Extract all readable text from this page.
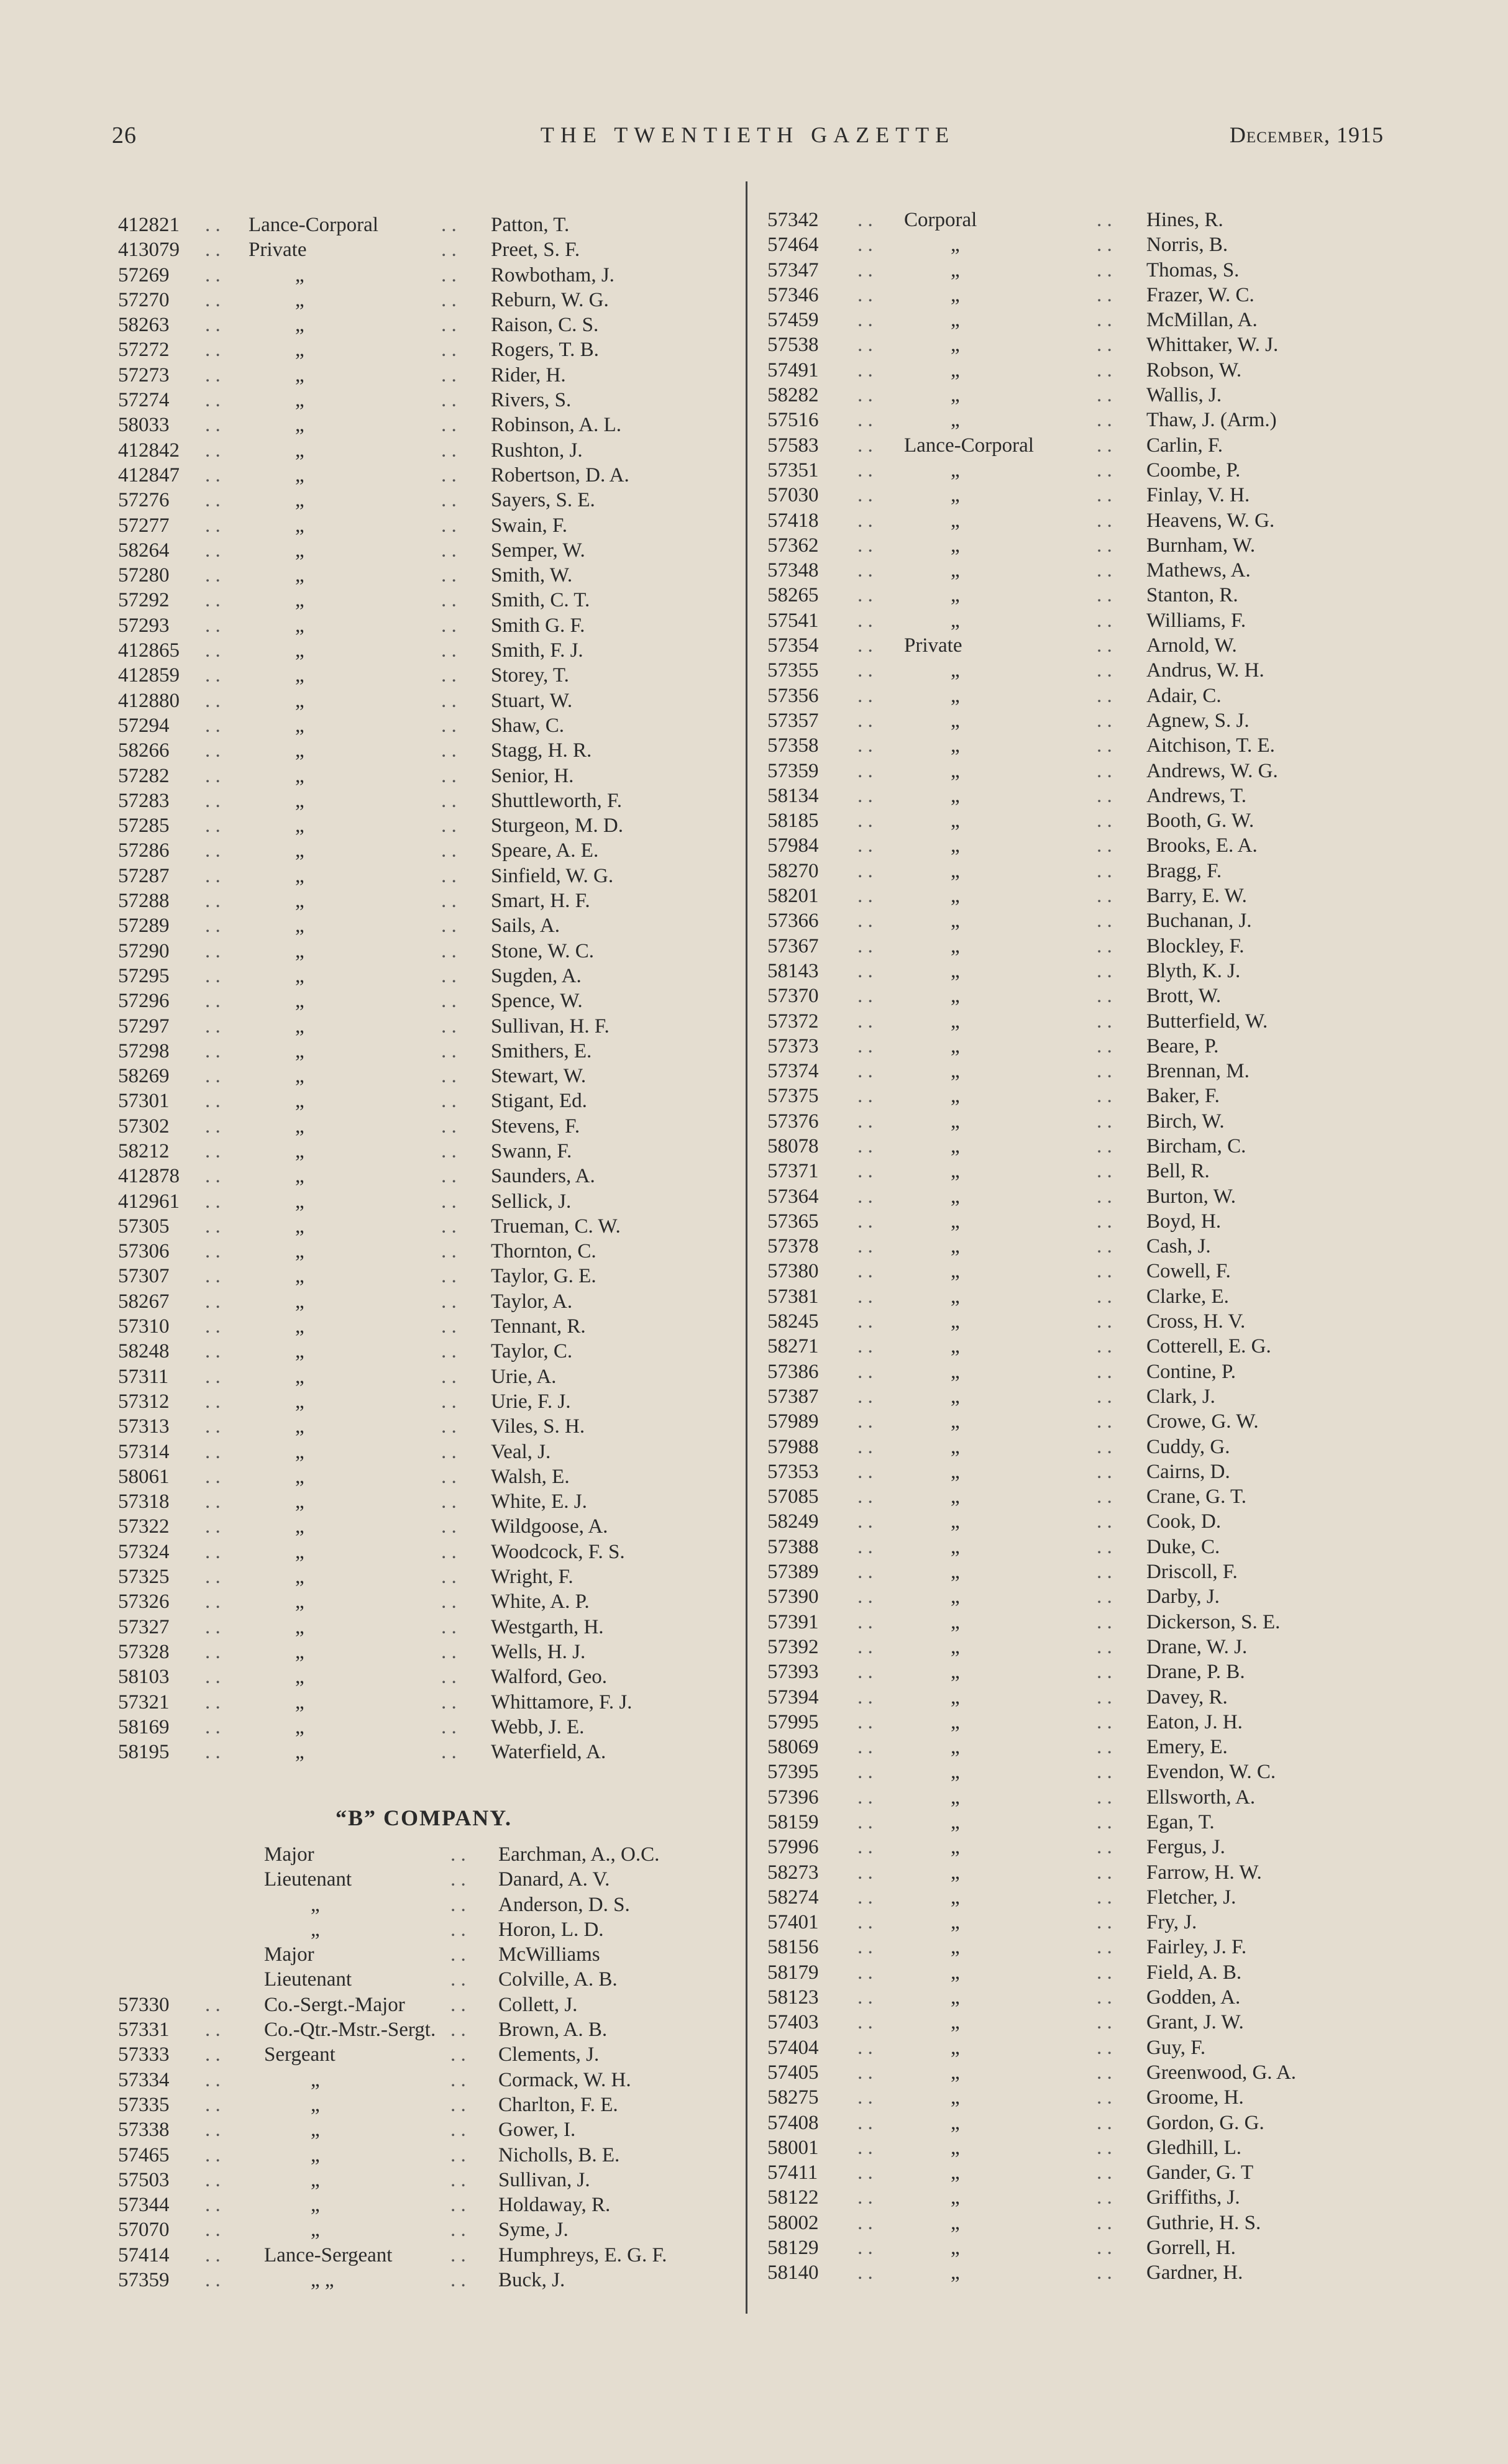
26	THE TWENTIETH GAZETTE	December, 1915
412821 . . Lance-Corporal	. . Patton, T.
413079 . . Private	. . Preet, S. F.
57269 . .	„	. . Rowbotham, J.
57270 . .	„	. . Reburn, W. G.
58263 . .	„	. . Raison, C. S.
57272 . .	„	. . Rogers, T. B.
57273 . .	„	. . Rider, H.
57274 . .	„	. . Rivers, S.
58033 . .	„	. . Robinson, A. L.
412842 . .	„	. . Rushton, J.
412847 . .	„	. . Robertson, D. A.
57276 . .	„	. . Sayers, S. E.
57277 . .	„	. . Swain, F.
58264 . .	„	. . Semper, W.
57280 . .	„	. . Smith, W.
57292 . .	„	. . Smith, C. T.
57293 . .	„	. . Smith G. F.
412865 . .	„	. . Smith, F. J.
412859 . .	„	. . Storey, T.
412880 . .	„	. . Stuart, W.
57294 . .	„	. . Shaw, C.
58266 . .	„	. . Stagg, H. R.
57282 . .	„	. . Senior, H.
57283 . .	„	. . Shuttleworth, F.
57285 . .	„	. . Sturgeon, M. D.
57286 . .	„	. . Speare, A. E.
57287 . .	„	. . Sinfield, W. G.
57288 . .	„	. . Smart, H. F.
57289 . .	„	. . Sails, A.
57290 . .	„	. . Stone, W. C.
57295 . .	„	. . Sugden, A.
57296 . .	„	. . Spence, W.
57297 . .	„	. . Sullivan, H. F.
57298 . .	„	. . Smithers, E.
58269 . .	„	. . Stewart, W.
57301 . .	„	. . Stigant, Ed.
57302 . .	„	. . Stevens, F.
58212 . .	„	. . Swann, F.
412878 . .	„	. . Saunders, A.
412961 . .	„	. . Sellick, J.
57305 . .	„	. . Trueman, C. W.
57306 . .	„	. . Thornton, C.
57307 . .	„	. . Taylor, G. E.
58267 . .	„	. . Taylor, A.
57310 . .	„	. . Tennant, R.
58248 . .	„	. . Taylor, C.
57311 . .	„	. . Urie, A.
57312 . .	„	. . Urie, F. J.
57313 . .	„	. . Viles, S. H.
57314 . .	„	. . Veal, J.
58061 . .	„	. . Walsh, E.
57318 . .	„	. . White, E. J.
57322 . .	„	. . Wildgoose, A.
57324 . .	„	. . Woodcock, F. S.
57325 . .	„	. . Wright, F.
57326 . .	„	. . White, A. P.
57327 . .	„	. . Westgarth, H.
57328 . .	„	. . Wells, H. J.
58103 . .	„	. . Walford, Geo.
57321 . .	„	. . Whittamore, F. J.
58169 . .	„	. . Webb, J. E.
58195 . .	„	. . Waterfield, A.
“B” COMPANY.
Major	. . Earchman, A., O.C.
Lieutenant	. . Danard, A. V.
„	. . Anderson, D. S.
„	. . Horon, L. D.
Major	. . McWilliams
Lieutenant	. . Colville, A. B.
57330 . . Co.-Sergt.-Major . . Collett, J.
57331 . . Co.-Qtr.-Mstr.-Sergt. . . Brown, A. B.
57333 . . Sergeant	. . Clements, J.
57334 . .	„	. . Cormack, W. H.
57335 . .	„	. . Charlton, F. E.
57338 . .	„	. . Gower, I.
57465 . .	„	. . Nicholls, B. E.
57503 . .	„	. . Sullivan, J.
57344 . .	„	. . Holdaway, R.
57070 . .	„	. . Syme, J.
57414 . . Lance-Sergeant	. . Humphreys, E. G. F.
57359 . .	„ „	. . Buck, J.
57342 . . Corporal	. . Hines, R.
57464 . .	„	. . Norris, B.
57347 . .	„	. . Thomas, S.
57346 . .	„	. . Frazer, W. C.
57459 . .	„	. . McMillan, A.
57538 . .	„	. . Whittaker, W. J.
57491 . .	„	. . Robson, W.
58282 . .	„	. . Wallis, J.
57516 . .	„	. . Thaw, J. (Arm.)
57583 . . Lance-Corporal	. . Carlin, F.
57351 . .	„	. . Coombe, P.
57030 . .	„	. . Finlay, V. H.
57418 . .	„	. . Heavens, W. G.
57362 . .	„	. . Burnham, W.
57348 . .	„	. . Mathews, A.
58265 . .	„	. . Stanton, R.
57541 . .	„	. . Williams, F.
57354 . . Private	. . Arnold, W.
57355 . .	„	. . Andrus, W. H.
57356 . .	„	. . Adair, C.
57357 . .	„	. . Agnew, S. J.
57358 . .	„	. . Aitchison, T. E.
57359 . .	„	. . Andrews, W. G.
58134 . .	„	. . Andrews, T.
58185 . .	„	. . Booth, G. W.
57984 . .	„	. . Brooks, E. A.
58270 . .	„	. . Bragg, F.
58201 . .	„	. . Barry, E. W.
57366 . .	„	. . Buchanan, J.
57367 . .	„	. . Blockley, F.
58143 . .	„	. . Blyth, K. J.
57370 . .	„	. . Brott, W.
57372 . .	„	. . Butterfield, W.
57373 . .	„	. . Beare, P.
57374 . .	„	. . Brennan, M.
57375 . .	„	. . Baker, F.
57376 . .	„	. . Birch, W.
58078 . .	„	. . Bircham, C.
57371 . .	„	. . Bell, R.
57364 . .	„	. . Burton, W.
57365 . .	„	. . Boyd, H.
57378 . .	„	. . Cash, J.
57380 . .	„	. . Cowell, F.
57381 . .	„	. . Clarke, E.
58245 . .	„	. . Cross, H. V.
58271 . .	„	. . Cotterell, E. G.
57386 . .	„	. . Contine, P.
57387 . .	„	. . Clark, J.
57989 . .	„	. . Crowe, G. W.
57988 . .	„	. . Cuddy, G.
57353 . .	„	. . Cairns, D.
57085 . .	„	. . Crane, G. T.
58249 . .	„	. . Cook, D.
57388 . .	„	. . Duke, C.
57389 . .	„	. . Driscoll, F.
57390 . .	„	. . Darby, J.
57391 . .	„	. . Dickerson, S. E.
57392 . .	„	. . Drane, W. J.
57393 . .	„	. . Drane, P. B.
57394 . .	„	. . Davey, R.
57995 . .	„	. . Eaton, J. H.
58069 . .	„	. . Emery, E.
57395 . .	„	. . Evendon, W. C.
57396 . .	„	. . Ellsworth, A.
58159 . .	„	. . Egan, T.
57996 . .	„	. . Fergus, J.
58273 . .	„	. . Farrow, H. W.
58274 . .	„	. . Fletcher, J.
57401 . .	„	. . Fry, J.
58156 . .	„	. . Fairley, J. F.
58179 . .	„	. . Field, A. B.
58123 . .	„	. . Godden, A.
57403 . .	„	. . Grant, J. W.
57404 . .	„	. . Guy, F.
57405 . .	„	. . Greenwood, G. A.
58275 . .	„	. . Groome, H.
57408 . .	„	. . Gordon, G. G.
58001 . .	„	. . Gledhill, L.
57411 . .	„	. . Gander, G. T
58122 . .	„	. . Griffiths, J.
58002 . .	„	. . Guthrie, H. S.
58129 . .	„	. . Gorrell, H.
58140 . .	„	. . Gardner, H.
